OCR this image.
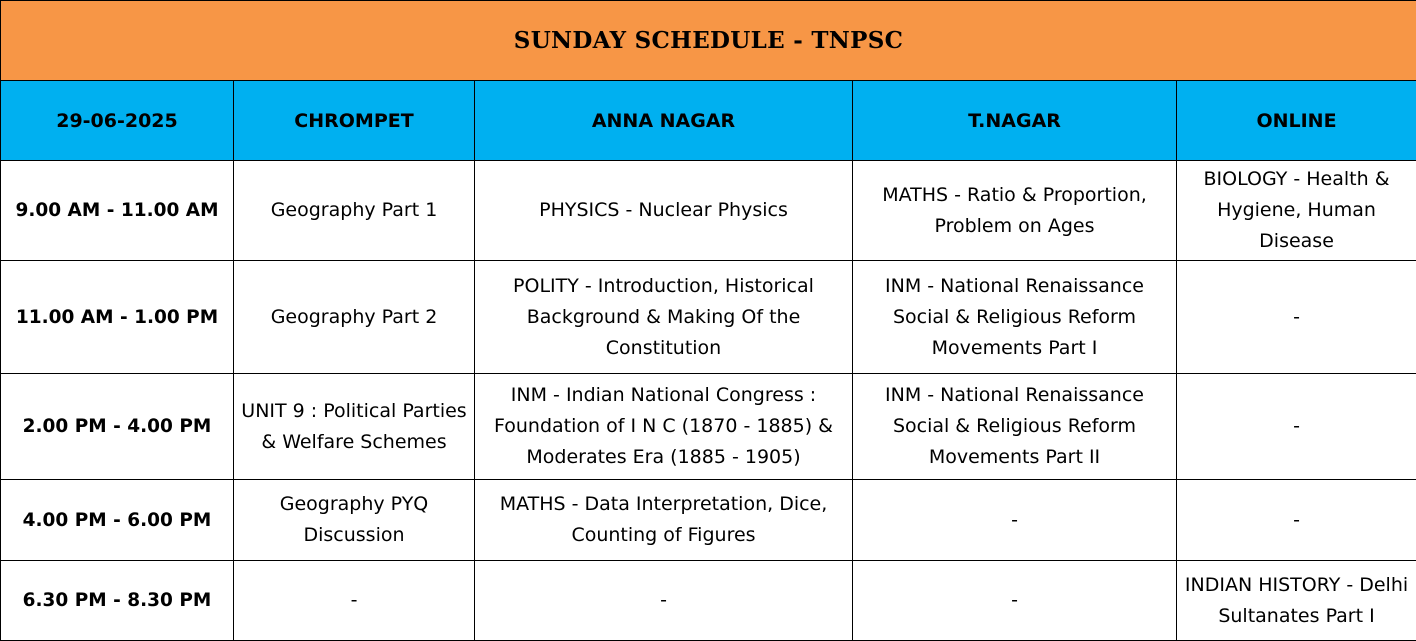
SUNDAY SCHEDULE - TNPSC				
29-06-2025	CHROMPET	ANNA NAGAR	T.NAGAR	ONLINE
9.00 AM - 11.00 AM	Geography Part 1	PHYSICS - Nuclear Physics	MATHS - Ratio & Proportion, Problem on Ages	BIOLOGY - Health & Hygiene, Human Disease
11.00 AM - 1.00 PM	Geography Part 2	POLITY - Introduction, Historical Background & Making Of the Constitution	INM - National Renaissance Social & Religious Reform Movements Part I	-
2.00 PM - 4.00 PM	UNIT 9 : Political Parties & Welfare Schemes	INM - Indian National Congress : Foundation of I N C (1870 - 1885) & Moderates Era (1885 - 1905)	INM - National Renaissance Social & Religious Reform Movements Part II	-
4.00 PM - 6.00 PM	Geography PYQ Discussion	MATHS - Data Interpretation, Dice, Counting of Figures	-	-
6.30 PM - 8.30 PM	-	-	-	INDIAN HISTORY - Delhi Sultanates Part I
